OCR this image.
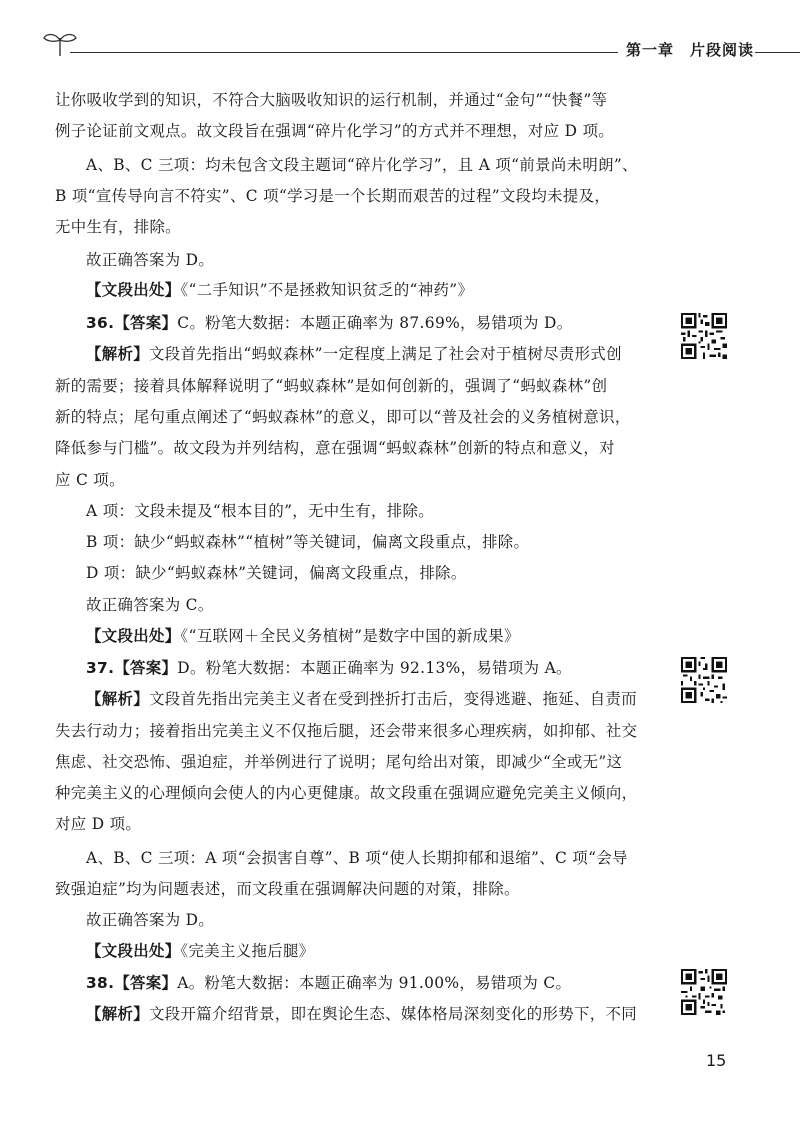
第一章 片段阅读
让你吸收学到的知识，不符合大脑吸收知识的运行机制，并通过“金句”“快餐”等
例子论证前文观点。故文段旨在强调“碎片化学习”的方式并不理想，对应 D 项。
A、B、C 三项：均未包含文段主题词“碎片化学习”，且 A 项“前景尚未明朗”、
B 项“宣传导向言不符实”、C 项“学习是一个长期而艰苦的过程”文段均未提及，
无中生有，排除。
故正确答案为 D。
【文段出处】《“二手知识”不是拯救知识贫乏的“神药”》
36.【答案】C。粉笔大数据：本题正确率为 87.69%，易错项为 D。
【解析】文段首先指出“蚂蚁森林”一定程度上满足了社会对于植树尽责形式创
新的需要；接着具体解释说明了“蚂蚁森林”是如何创新的，强调了“蚂蚁森林”创
新的特点；尾句重点阐述了“蚂蚁森林”的意义，即可以“普及社会的义务植树意识，
降低参与门槛”。故文段为并列结构，意在强调“蚂蚁森林”创新的特点和意义，对
应 C 项。
A 项：文段未提及“根本目的”，无中生有，排除。
B 项：缺少“蚂蚁森林”“植树”等关键词，偏离文段重点，排除。
D 项：缺少“蚂蚁森林”关键词，偏离文段重点，排除。
故正确答案为 C。
【文段出处】《“互联网＋全民义务植树”是数字中国的新成果》
37.【答案】D。粉笔大数据：本题正确率为 92.13%，易错项为 A。
【解析】文段首先指出完美主义者在受到挫折打击后，变得逃避、拖延、自责而
失去行动力；接着指出完美主义不仅拖后腿，还会带来很多心理疾病，如抑郁、社交
焦虑、社交恐怖、强迫症，并举例进行了说明；尾句给出对策，即减少“全或无”这
种完美主义的心理倾向会使人的内心更健康。故文段重在强调应避免完美主义倾向，
对应 D 项。
A、B、C 三项：A 项“会损害自尊”、B 项“使人长期抑郁和退缩”、C 项“会导
致强迫症”均为问题表述，而文段重在强调解决问题的对策，排除。
故正确答案为 D。
【文段出处】《完美主义拖后腿》
38.【答案】A。粉笔大数据：本题正确率为 91.00%，易错项为 C。
【解析】文段开篇介绍背景，即在舆论生态、媒体格局深刻变化的形势下，不同
15
